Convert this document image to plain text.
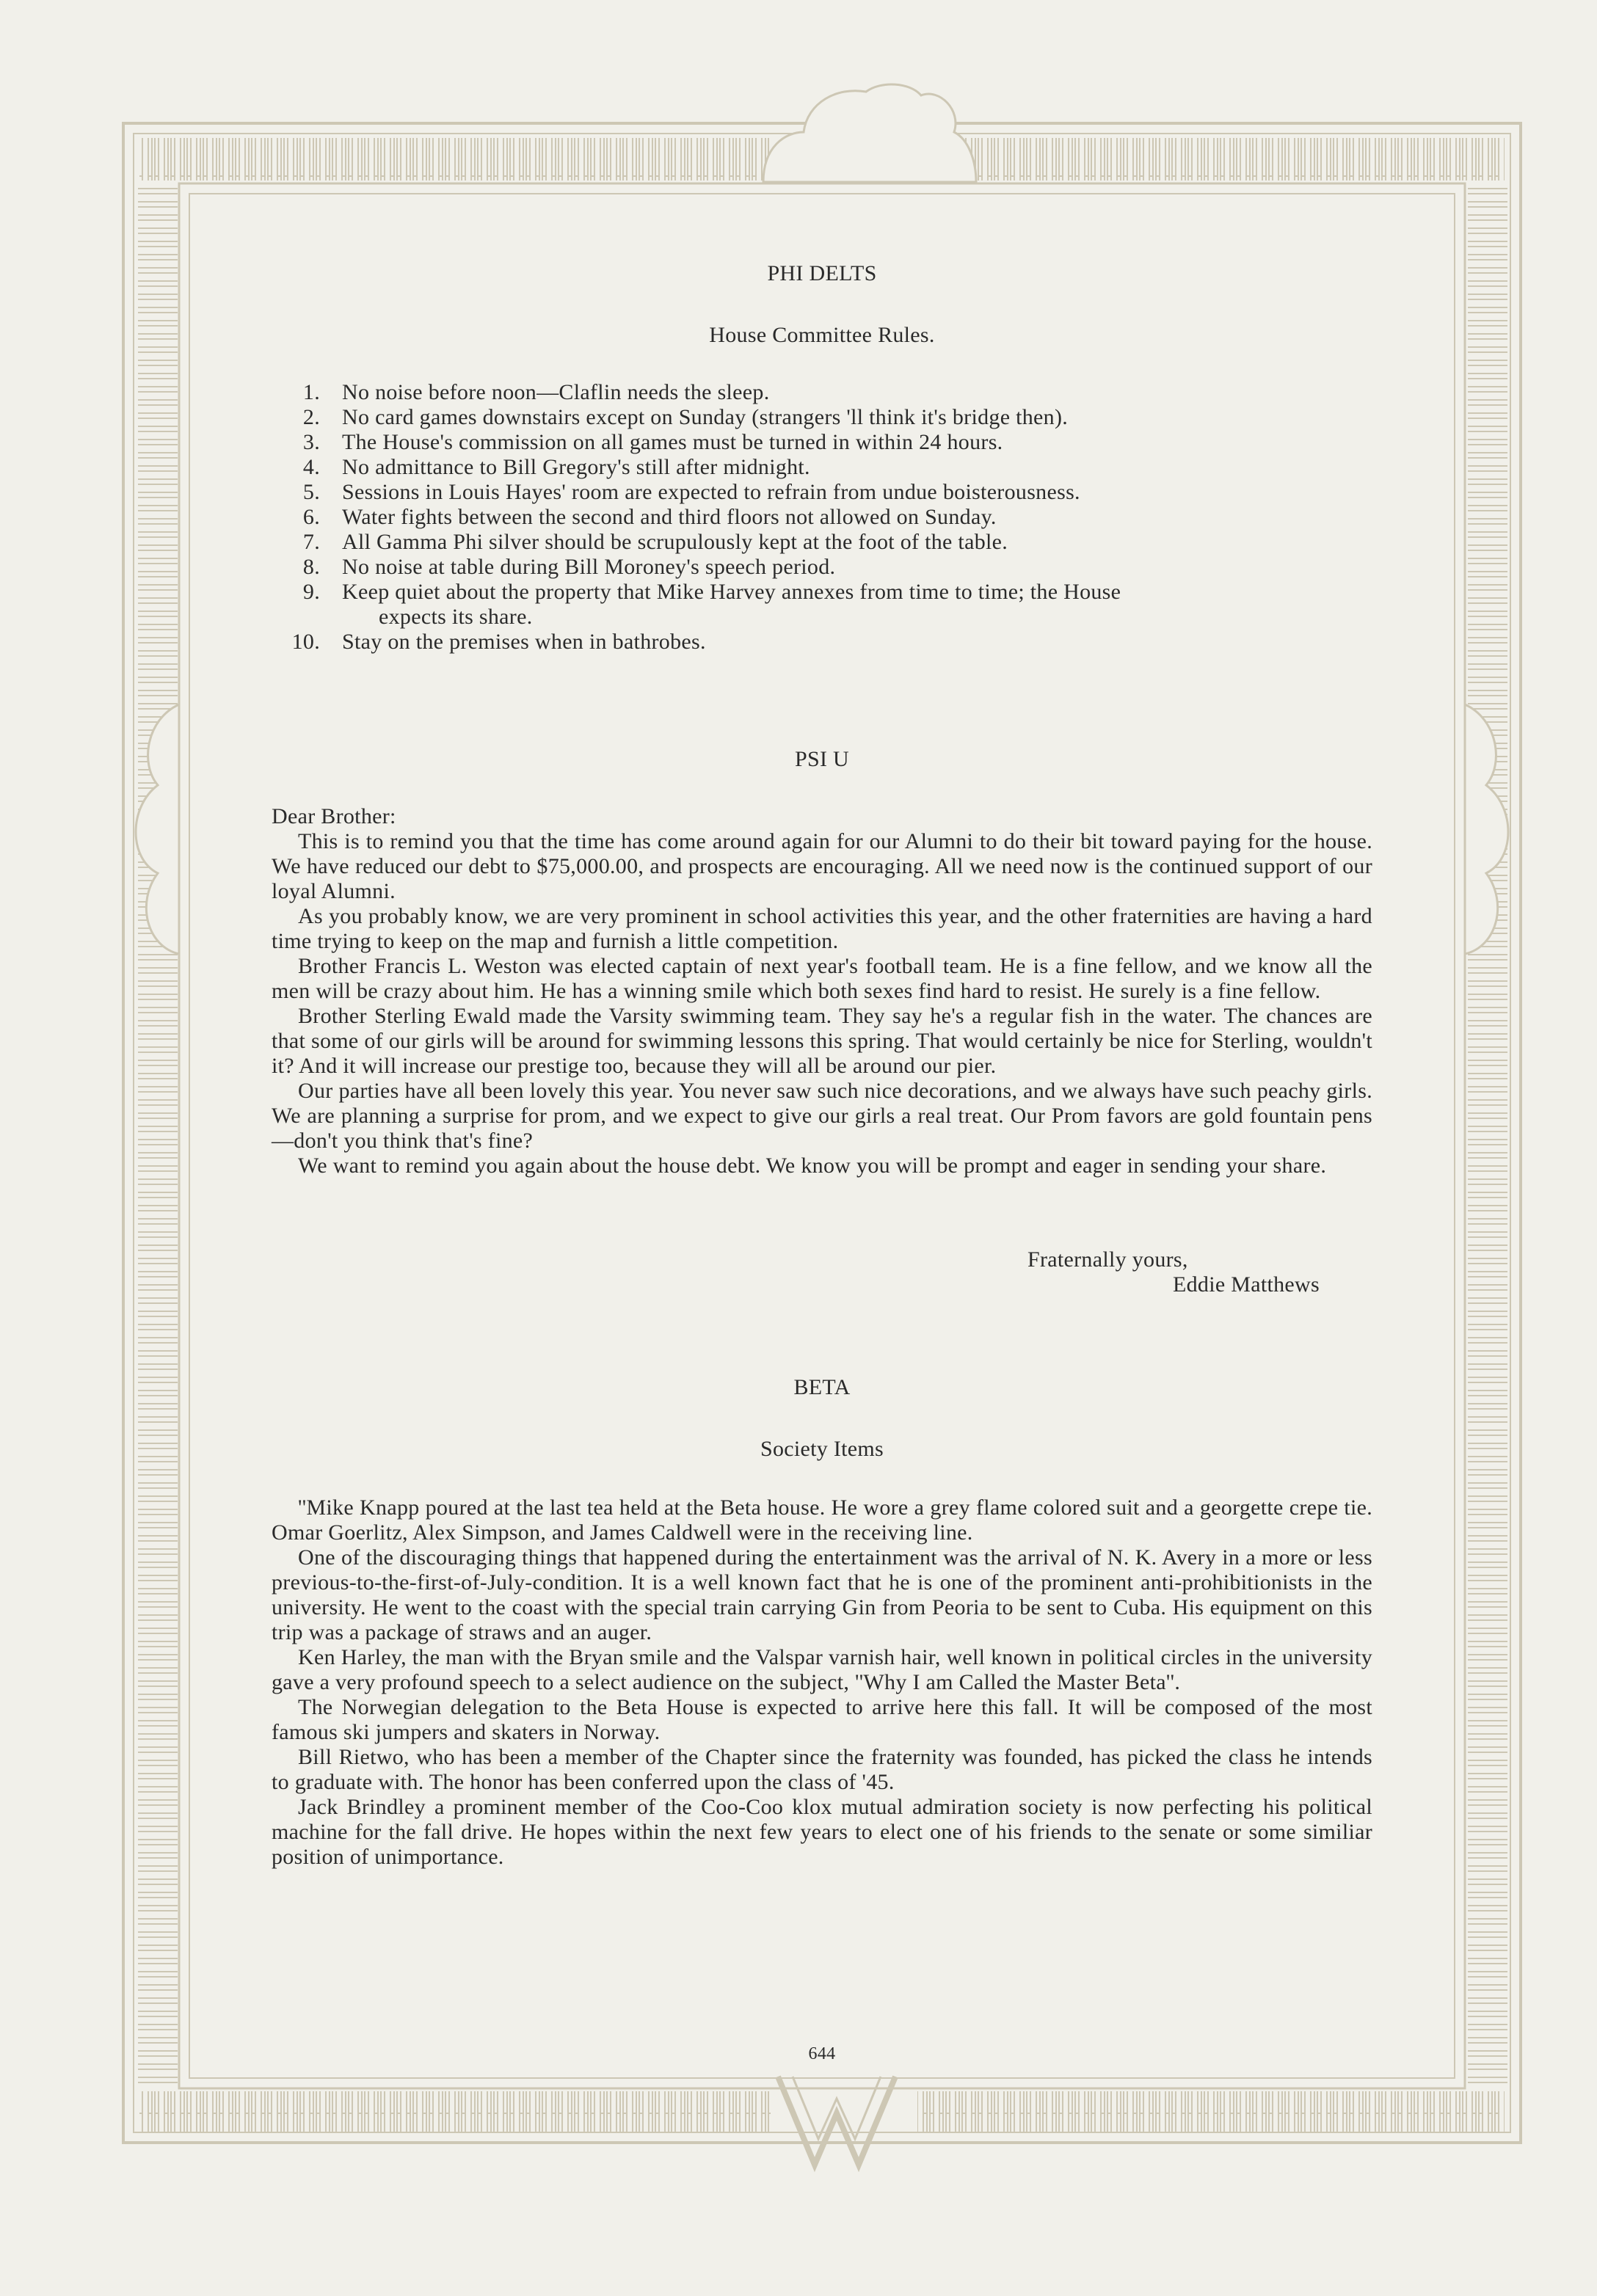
PHI DELTS
House Committee Rules.
1.	No noise before noon—Claflin needs the sleep.
2.	No card games downstairs except on Sunday (strangers 'll think it's bridge then).
3.	The House's commission on all games must be turned in within 24 hours.
4.	No admittance to Bill Gregory's still after midnight.
5.	Sessions in Louis Hayes' room are expected to refrain from undue boisterousness.
6.	Water fights between the second and third floors not allowed on Sunday.
7.	All Gamma Phi silver should be scrupulously kept at the foot of the table.
8.	No noise at table during Bill Moroney's speech period.
9.	Keep quiet about the property that Mike Harvey annexes from time to time; the House
expects its share.
10.	Stay on the premises when in bathrobes.
PSI U

Dear Brother:

This is to remind you that the time has come around again for our Alumni to do their bit toward paying for the house. We have reduced our debt to $75,000.00, and prospects are encouraging. All we need now is the continued support of our loyal Alumni.

As you probably know, we are very prominent in school activities this year, and the other fraternities are having a hard time trying to keep on the map and furnish a little competition.

Brother Francis L. Weston was elected captain of next year's football team. He is a fine fellow, and we know all the men will be crazy about him. He has a winning smile which both sexes find hard to resist. He surely is a fine fellow.

Brother Sterling Ewald made the Varsity swimming team. They say he's a regular fish in the water. The chances are that some of our girls will be around for swimming lessons this spring. That would certainly be nice for Sterling, wouldn't it? And it will increase our prestige too, because they will all be around our pier.

Our parties have all been lovely this year. You never saw such nice decorations, and we always have such peachy girls. We are planning a surprise for prom, and we expect to give our girls a real treat. Our Prom favors are gold fountain pens—don't you think that's fine?

We want to remind you again about the house debt. We know you will be prompt and eager in sending your share.

Fraternally yours,
Eddie Matthews
BETA
Society Items

''Mike Knapp poured at the last tea held at the Beta house. He wore a grey flame colored suit and a georgette crepe tie. Omar Goerlitz, Alex Simpson, and James Caldwell were in the receiving line.

One of the discouraging things that happened during the entertainment was the arrival of N. K. Avery in a more or less previous-to-the-first-of-July-condition. It is a well known fact that he is one of the prominent anti-prohibitionists in the university. He went to the coast with the special train carrying Gin from Peoria to be sent to Cuba. His equipment on this trip was a package of straws and an auger.

Ken Harley, the man with the Bryan smile and the Valspar varnish hair, well known in political circles in the university gave a very profound speech to a select audience on the subject, ''Why I am Called the Master Beta''.

The Norwegian delegation to the Beta House is expected to arrive here this fall. It will be composed of the most famous ski jumpers and skaters in Norway.

Bill Rietwo, who has been a member of the Chapter since the fraternity was founded, has picked the class he intends to graduate with. The honor has been conferred upon the class of '45.

Jack Brindley a prominent member of the Coo-Coo klox mutual admiration society is now perfecting his political machine for the fall drive. He hopes within the next few years to elect one of his friends to the senate or some similiar position of unimportance.

644
